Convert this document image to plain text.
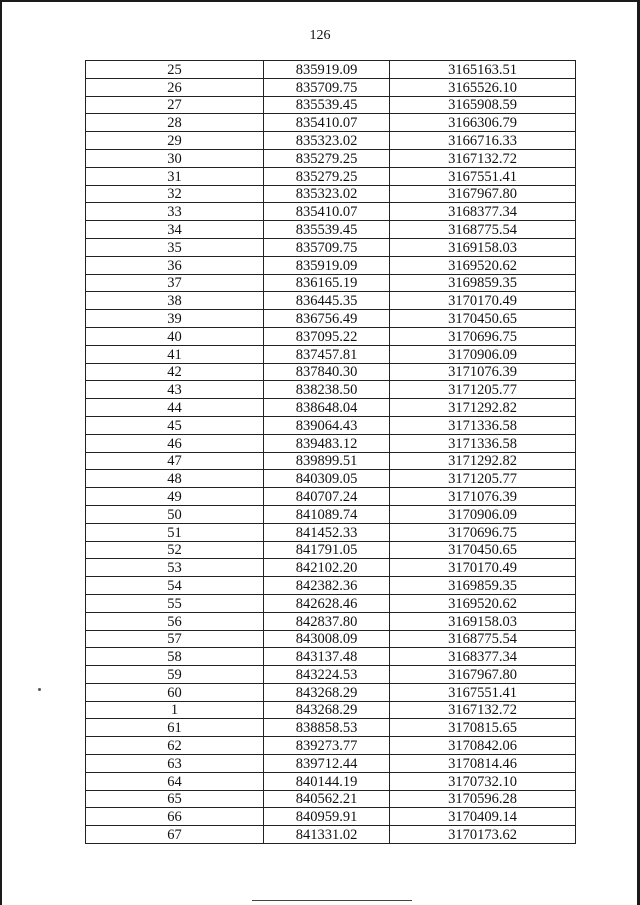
126
25	835919.09	3165163.51
26	835709.75	3165526.10
27	835539.45	3165908.59
28	835410.07	3166306.79
29	835323.02	3166716.33
30	835279.25	3167132.72
31	835279.25	3167551.41
32	835323.02	3167967.80
33	835410.07	3168377.34
34	835539.45	3168775.54
35	835709.75	3169158.03
36	835919.09	3169520.62
37	836165.19	3169859.35
38	836445.35	3170170.49
39	836756.49	3170450.65
40	837095.22	3170696.75
41	837457.81	3170906.09
42	837840.30	3171076.39
43	838238.50	3171205.77
44	838648.04	3171292.82
45	839064.43	3171336.58
46	839483.12	3171336.58
47	839899.51	3171292.82
48	840309.05	3171205.77
49	840707.24	3171076.39
50	841089.74	3170906.09
51	841452.33	3170696.75
52	841791.05	3170450.65
53	842102.20	3170170.49
54	842382.36	3169859.35
55	842628.46	3169520.62
56	842837.80	3169158.03
57	843008.09	3168775.54
58	843137.48	3168377.34
59	843224.53	3167967.80
60	843268.29	3167551.41
1	843268.29	3167132.72
61	838858.53	3170815.65
62	839273.77	3170842.06
63	839712.44	3170814.46
64	840144.19	3170732.10
65	840562.21	3170596.28
66	840959.91	3170409.14
67	841331.02	3170173.62
